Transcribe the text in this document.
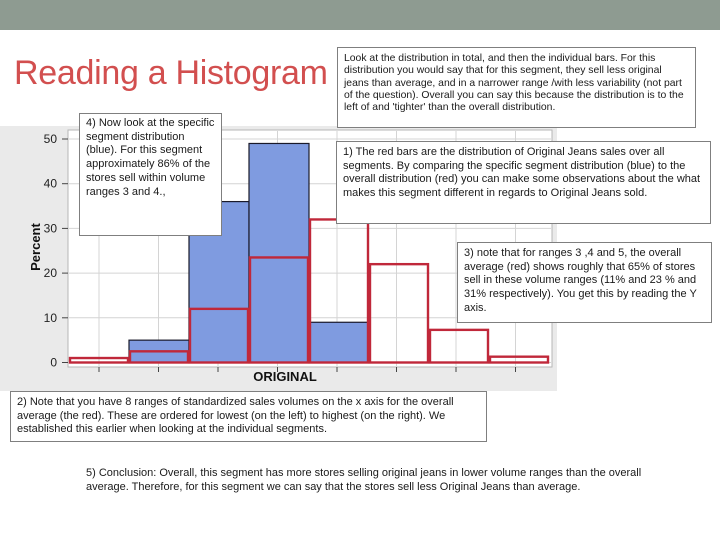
Reading a Histogram
0
10
20
30
40
50
Percent
ORIGINAL
Look at the distribution in total, and then the individual bars. For this distribution you would say that for this segment, they sell less original jeans than average, and in a narrower range /with less variability (not part of the question). Overall you can say this because the distribution is to the left of and 'tighter' than the overall distribution.
4) Now look at the specific segment distribution (blue). For this segment approximately 86% of the stores sell within volume ranges 3 and 4.,
1) The red bars are the distribution of Original Jeans sales over all segments. By comparing the specific segment distribution (blue) to the overall distribution (red) you can make some observations about the what makes this segment different in regards to Original Jeans sold.
3) note that for ranges 3 ,4 and 5, the overall average (red) shows roughly that 65% of stores sell in these volume ranges (11% and 23 % and 31% respectively). You get this by reading the Y axis.
2) Note that you have 8 ranges of standardized sales volumes on the x axis for the overall average (the red). These are ordered for lowest (on the left) to highest (on the right). We established this earlier when looking at the individual segments.
5) Conclusion: Overall, this segment has more stores selling original jeans in lower volume ranges than the overall average. Therefore, for this segment we can say that the stores sell less Original Jeans than average.
